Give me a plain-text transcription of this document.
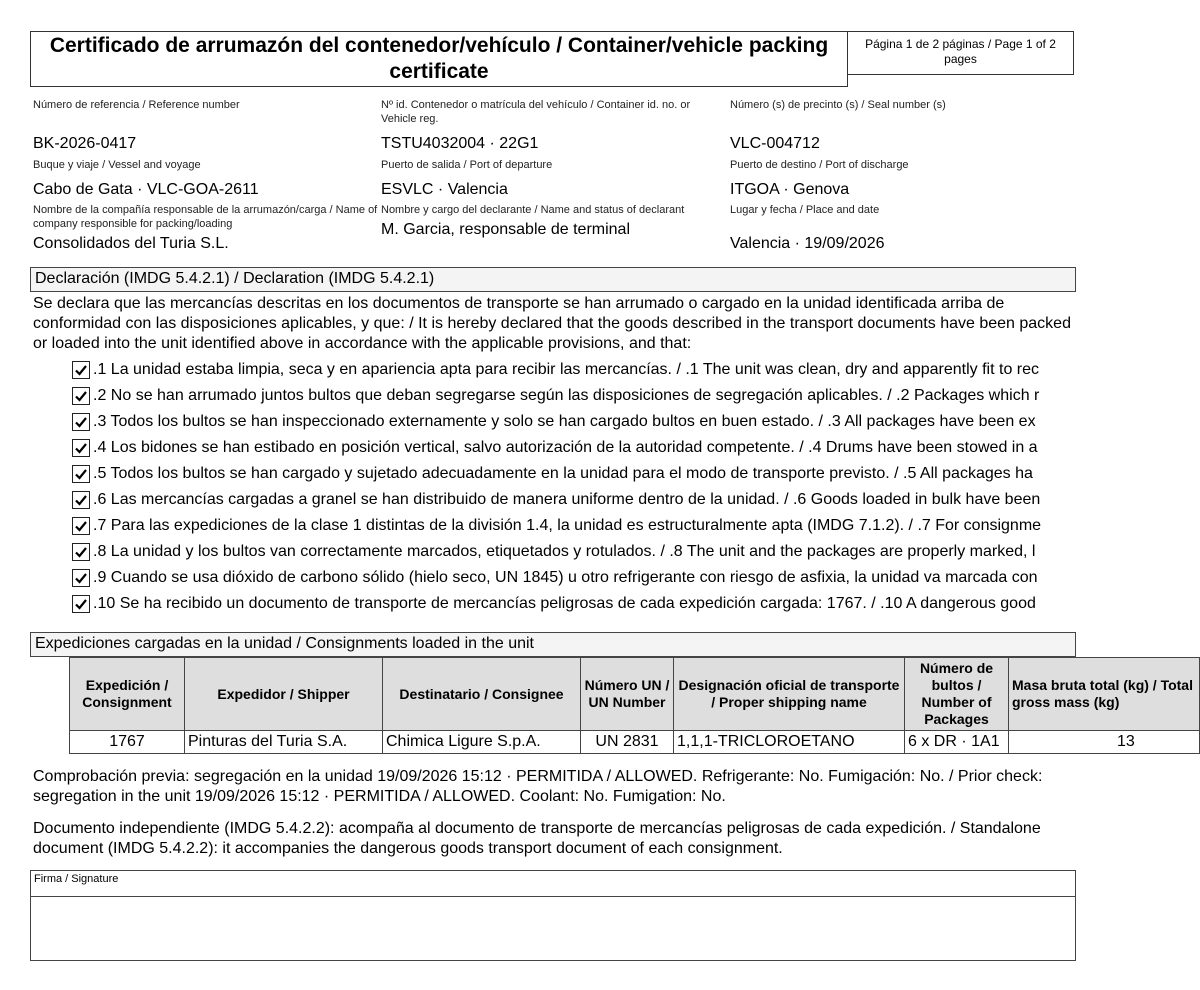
Certificado de arrumazón del contenedor/vehículo / Container/vehicle packing certificate
Página 1 de 2 páginas / Page 1 of 2 pages
Número de referencia / Reference number
BK-2026-0417
Nº id. Contenedor o matrícula del vehículo / Container id. no. or Vehicle reg.
TSTU4032004 · 22G1
Número (s) de precinto (s) / Seal number (s)
VLC-004712
Buque y viaje / Vessel and voyage
Cabo de Gata · VLC-GOA-2611
Puerto de salida / Port of departure
ESVLC · Valencia
Puerto de destino / Port of discharge
ITGOA · Genova
Nombre de la compañía responsable de la arrumazón/carga / Name of company responsible for packing/loading
Consolidados del Turia S.L.
Nombre y cargo del declarante / Name and status of declarant
M. Garcia, responsable de terminal
Lugar y fecha / Place and date
Valencia · 19/09/2026
Declaración (IMDG 5.4.2.1) / Declaration (IMDG 5.4.2.1)
Se declara que las mercancías descritas en los documentos de transporte se han arrumado o cargado en la unidad identificada arriba de conformidad con las disposiciones aplicables, y que: / It is hereby declared that the goods described in the transport documents have been packed or loaded into the unit identified above in accordance with the applicable provisions, and that:
.1 La unidad estaba limpia, seca y en apariencia apta para recibir las mercancías. / .1 The unit was clean, dry and apparently fit to rec
.2 No se han arrumado juntos bultos que deban segregarse según las disposiciones de segregación aplicables. / .2 Packages which r
.3 Todos los bultos se han inspeccionado externamente y solo se han cargado bultos en buen estado. / .3 All packages have been ex
.4 Los bidones se han estibado en posición vertical, salvo autorización de la autoridad competente. / .4 Drums have been stowed in a
.5 Todos los bultos se han cargado y sujetado adecuadamente en la unidad para el modo de transporte previsto. / .5 All packages ha
.6 Las mercancías cargadas a granel se han distribuido de manera uniforme dentro de la unidad. / .6 Goods loaded in bulk have been
.7 Para las expediciones de la clase 1 distintas de la división 1.4, la unidad es estructuralmente apta (IMDG 7.1.2). / .7 For consignme
.8 La unidad y los bultos van correctamente marcados, etiquetados y rotulados. / .8 The unit and the packages are properly marked, l
.9 Cuando se usa dióxido de carbono sólido (hielo seco, UN 1845) u otro refrigerante con riesgo de asfixia, la unidad va marcada con
.10 Se ha recibido un documento de transporte de mercancías peligrosas de cada expedición cargada: 1767. / .10 A dangerous good
Expediciones cargadas en la unidad / Consignments loaded in the unit
Expedición / Consignment	Expedidor / Shipper	Destinatario / Consignee	Número UN / UN Number	Designación oficial de transporte / Proper shipping name	Número de bultos / Number of Packages	Masa bruta total (kg) / Total gross mass (kg)
1767	Pinturas del Turia S.A.	Chimica Ligure S.p.A.	UN 2831	1,1,1-TRICLOROETANO	6 x DR · 1A1	13
Comprobación previa: segregación en la unidad 19/09/2026 15:12 · PERMITIDA / ALLOWED. Refrigerante: No. Fumigación: No. / Prior check: segregation in the unit 19/09/2026 15:12 · PERMITIDA / ALLOWED. Coolant: No. Fumigation: No.
Documento independiente (IMDG 5.4.2.2): acompaña al documento de transporte de mercancías peligrosas de cada expedición. / Standalone document (IMDG 5.4.2.2): it accompanies the dangerous goods transport document of each consignment.
Firma / Signature
